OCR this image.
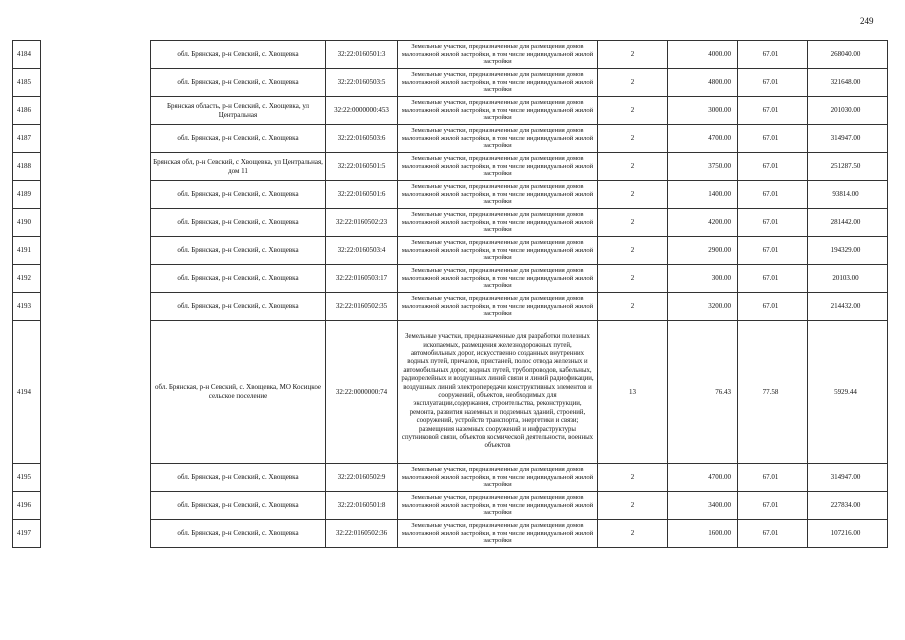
249
4184		обл. Брянская, р-н Севский, с. Хвощевка	32:22:0160501:3	Земельные участки, предназначенные для размещения домов малоэтажной жилой застройки, в том числе индивидуальной жилой застройки	2	4000.00	67.01	268040.00
4185		обл. Брянская, р-н Севский, с. Хвощевка	32:22:0160503:5	Земельные участки, предназначенные для размещения домов малоэтажной жилой застройки, в том числе индивидуальной жилой застройки	2	4800.00	67.01	321648.00
4186		Брянская область, р-н Севский, с. Хвощевка, ул Центральная	32:22:0000000:453	Земельные участки, предназначенные для размещения домов малоэтажной жилой застройки, в том числе индивидуальной жилой застройки	2	3000.00	67.01	201030.00
4187		обл. Брянская, р-н Севский, с. Хвощевка	32:22:0160503:6	Земельные участки, предназначенные для размещения домов малоэтажной жилой застройки, в том числе индивидуальной жилой застройки	2	4700.00	67.01	314947.00
4188		Брянская обл, р-н Севский, с Хвощевка, ул Центральная, дом 11	32:22:0160501:5	Земельные участки, предназначенные для размещения домов малоэтажной жилой застройки, в том числе индивидуальной жилой застройки	2	3750.00	67.01	251287.50
4189		обл. Брянская, р-н Севский, с. Хвощевка	32:22:0160501:6	Земельные участки, предназначенные для размещения домов малоэтажной жилой застройки, в том числе индивидуальной жилой застройки	2	1400.00	67.01	93814.00
4190		обл. Брянская, р-н Севский, с. Хвощевка	32:22:0160502:23	Земельные участки, предназначенные для размещения домов малоэтажной жилой застройки, в том числе индивидуальной жилой застройки	2	4200.00	67.01	281442.00
4191		обл. Брянская, р-н Севский, с. Хвощевка	32:22:0160503:4	Земельные участки, предназначенные для размещения домов малоэтажной жилой застройки, в том числе индивидуальной жилой застройки	2	2900.00	67.01	194329.00
4192		обл. Брянская, р-н Севский, с. Хвощевка	32:22:0160503:17	Земельные участки, предназначенные для размещения домов малоэтажной жилой застройки, в том числе индивидуальной жилой застройки	2	300.00	67.01	20103.00
4193		обл. Брянская, р-н Севский, с. Хвощевка	32:22:0160502:35	Земельные участки, предназначенные для размещения домов малоэтажной жилой застройки, в том числе индивидуальной жилой застройки	2	3200.00	67.01	214432.00
4194		обл. Брянская, р-н Севский, с. Хвощевка, МО Косицкое сельское поселение	32:22:0000000:74	Земельные участки, предназначенные для разработки полезных ископаемых, размещения железнодорожных путей, автомобильных дорог, искусственно созданных внутренних водных путей, причалов, пристаней, полос отвода железных и автомобильных дорог, водных путей, трубопроводов, кабельных, радиорелейных и воздушных линий связи и линий радиофикации, воздушных линий электропередачи конструктивных элементов и сооружений, объектов, необходимых для эксплуатации,содержания, строительства, реконструкции, ремонта, развития наземных и подземных зданий, строений, сооружений, устройств транспорта, энергетики и связи; размещения наземных сооружений и инфраструктуры спутниковой связи, объектов космической деятельности, военных объектов	13	76.43	77.58	5929.44
4195		обл. Брянская, р-н Севский, с. Хвощевка	32:22:0160502:9	Земельные участки, предназначенные для размещения домов малоэтажной жилой застройки, в том числе индивидуальной жилой застройки	2	4700.00	67.01	314947.00
4196		обл. Брянская, р-н Севский, с. Хвощевка	32:22:0160501:8	Земельные участки, предназначенные для размещения домов малоэтажной жилой застройки, в том числе индивидуальной жилой застройки	2	3400.00	67.01	227834.00
4197		обл. Брянская, р-н Севский, с. Хвощевка	32:22:0160502:36	Земельные участки, предназначенные для размещения домов малоэтажной жилой застройки, в том числе индивидуальной жилой застройки	2	1600.00	67.01	107216.00
